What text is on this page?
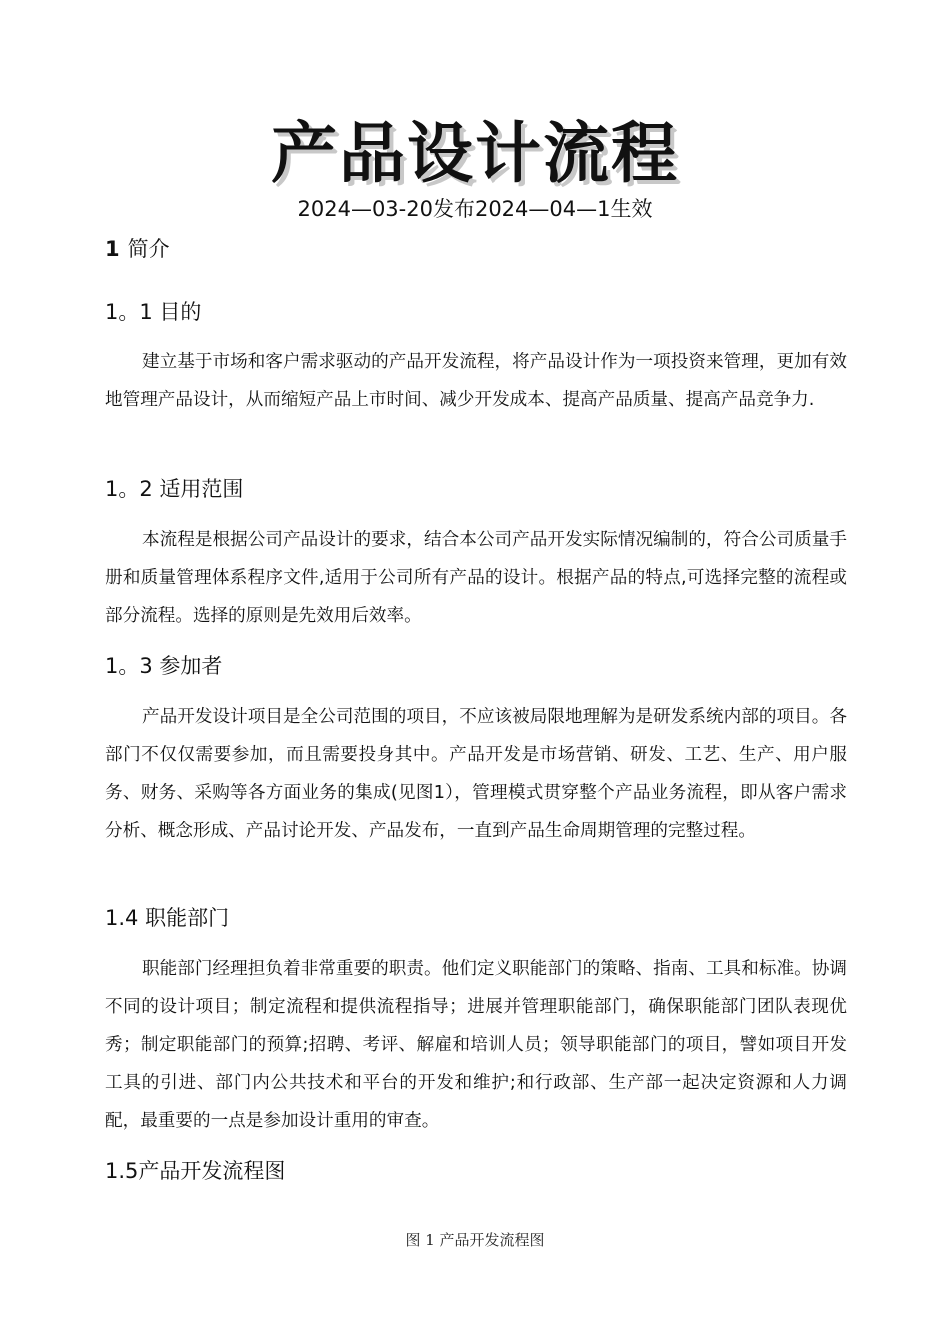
产品设计流程
2024—03-20发布2024—04—1生效
1 简介
1。1 目的
建立基于市场和客户需求驱动的产品开发流程，将产品设计作为一项投资来管理，更加有效地管理产品设计，从而缩短产品上市时间、减少开发成本、提高产品质量、提高产品竞争力.
1。2 适用范围
本流程是根据公司产品设计的要求，结合本公司产品开发实际情况编制的，符合公司质量手册和质量管理体系程序文件,适用于公司所有产品的设计。根据产品的特点,可选择完整的流程或部分流程。选择的原则是先效用后效率。
1。3 参加者
产品开发设计项目是全公司范围的项目，不应该被局限地理解为是研发系统内部的项目。各部门不仅仅需要参加，而且需要投身其中。产品开发是市场营销、研发、工艺、生产、用户服务、财务、采购等各方面业务的集成(见图1），管理模式贯穿整个产品业务流程，即从客户需求分析、概念形成、产品讨论开发、产品发布，一直到产品生命周期管理的完整过程。
1.4 职能部门
职能部门经理担负着非常重要的职责。他们定义职能部门的策略、指南、工具和标准。协调不同的设计项目；制定流程和提供流程指导；进展并管理职能部门，确保职能部门团队表现优秀；制定职能部门的预算;招聘、考评、解雇和培训人员；领导职能部门的项目，譬如项目开发工具的引进、部门内公共技术和平台的开发和维护;和行政部、生产部一起决定资源和人力调配，最重要的一点是参加设计重用的审查。
1.5产品开发流程图
图 1 产品开发流程图
